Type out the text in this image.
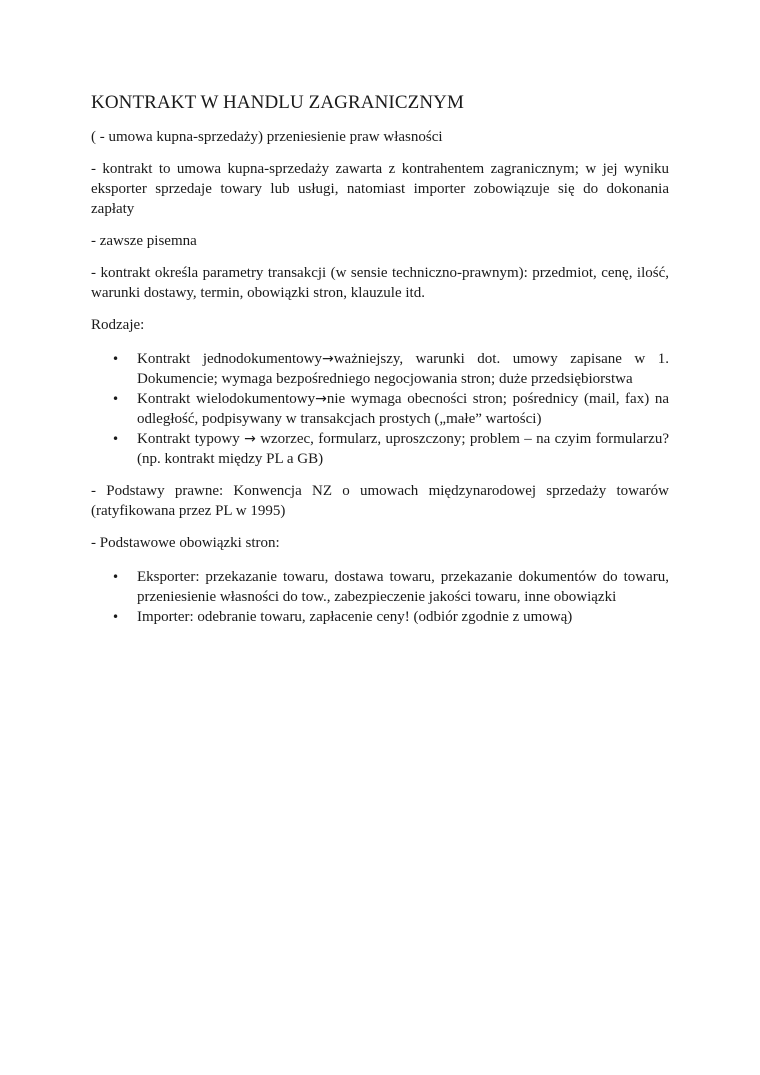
KONTRAKT W HANDLU ZAGRANICZNYM

( - umowa kupna-sprzedaży) przeniesienie praw własności

- kontrakt to umowa kupna-sprzedaży zawarta z kontrahentem zagranicznym; w jej wyniku eksporter sprzedaje towary lub usługi, natomiast importer zobowiązuje się do dokonania zapłaty

- zawsze pisemna

- kontrakt określa parametry transakcji (w sensie techniczno-prawnym): przedmiot, cenę, ilość, warunki dostawy, termin, obowiązki stron, klauzule itd.

Rodzaje:

• Kontrakt jednodokumentowy→ważniejszy, warunki dot. umowy zapisane w 1. Dokumencie; wymaga bezpośredniego negocjowania stron; duże przedsiębiorstwa
• Kontrakt wielodokumentowy→nie wymaga obecności stron; pośrednicy (mail, fax) na odległość, podpisywany w transakcjach prostych („małe” wartości)
• Kontrakt typowy → wzorzec, formularz, uproszczony; problem – na czyim formularzu? (np. kontrakt między PL a GB)

- Podstawy prawne: Konwencja NZ o umowach międzynarodowej sprzedaży towarów (ratyfikowana przez PL w 1995)

- Podstawowe obowiązki stron:

• Eksporter: przekazanie towaru, dostawa towaru, przekazanie dokumentów do towaru, przeniesienie własności do tow., zabezpieczenie jakości towaru, inne obowiązki
• Importer: odebranie towaru, zapłacenie ceny! (odbiór zgodnie z umową)
